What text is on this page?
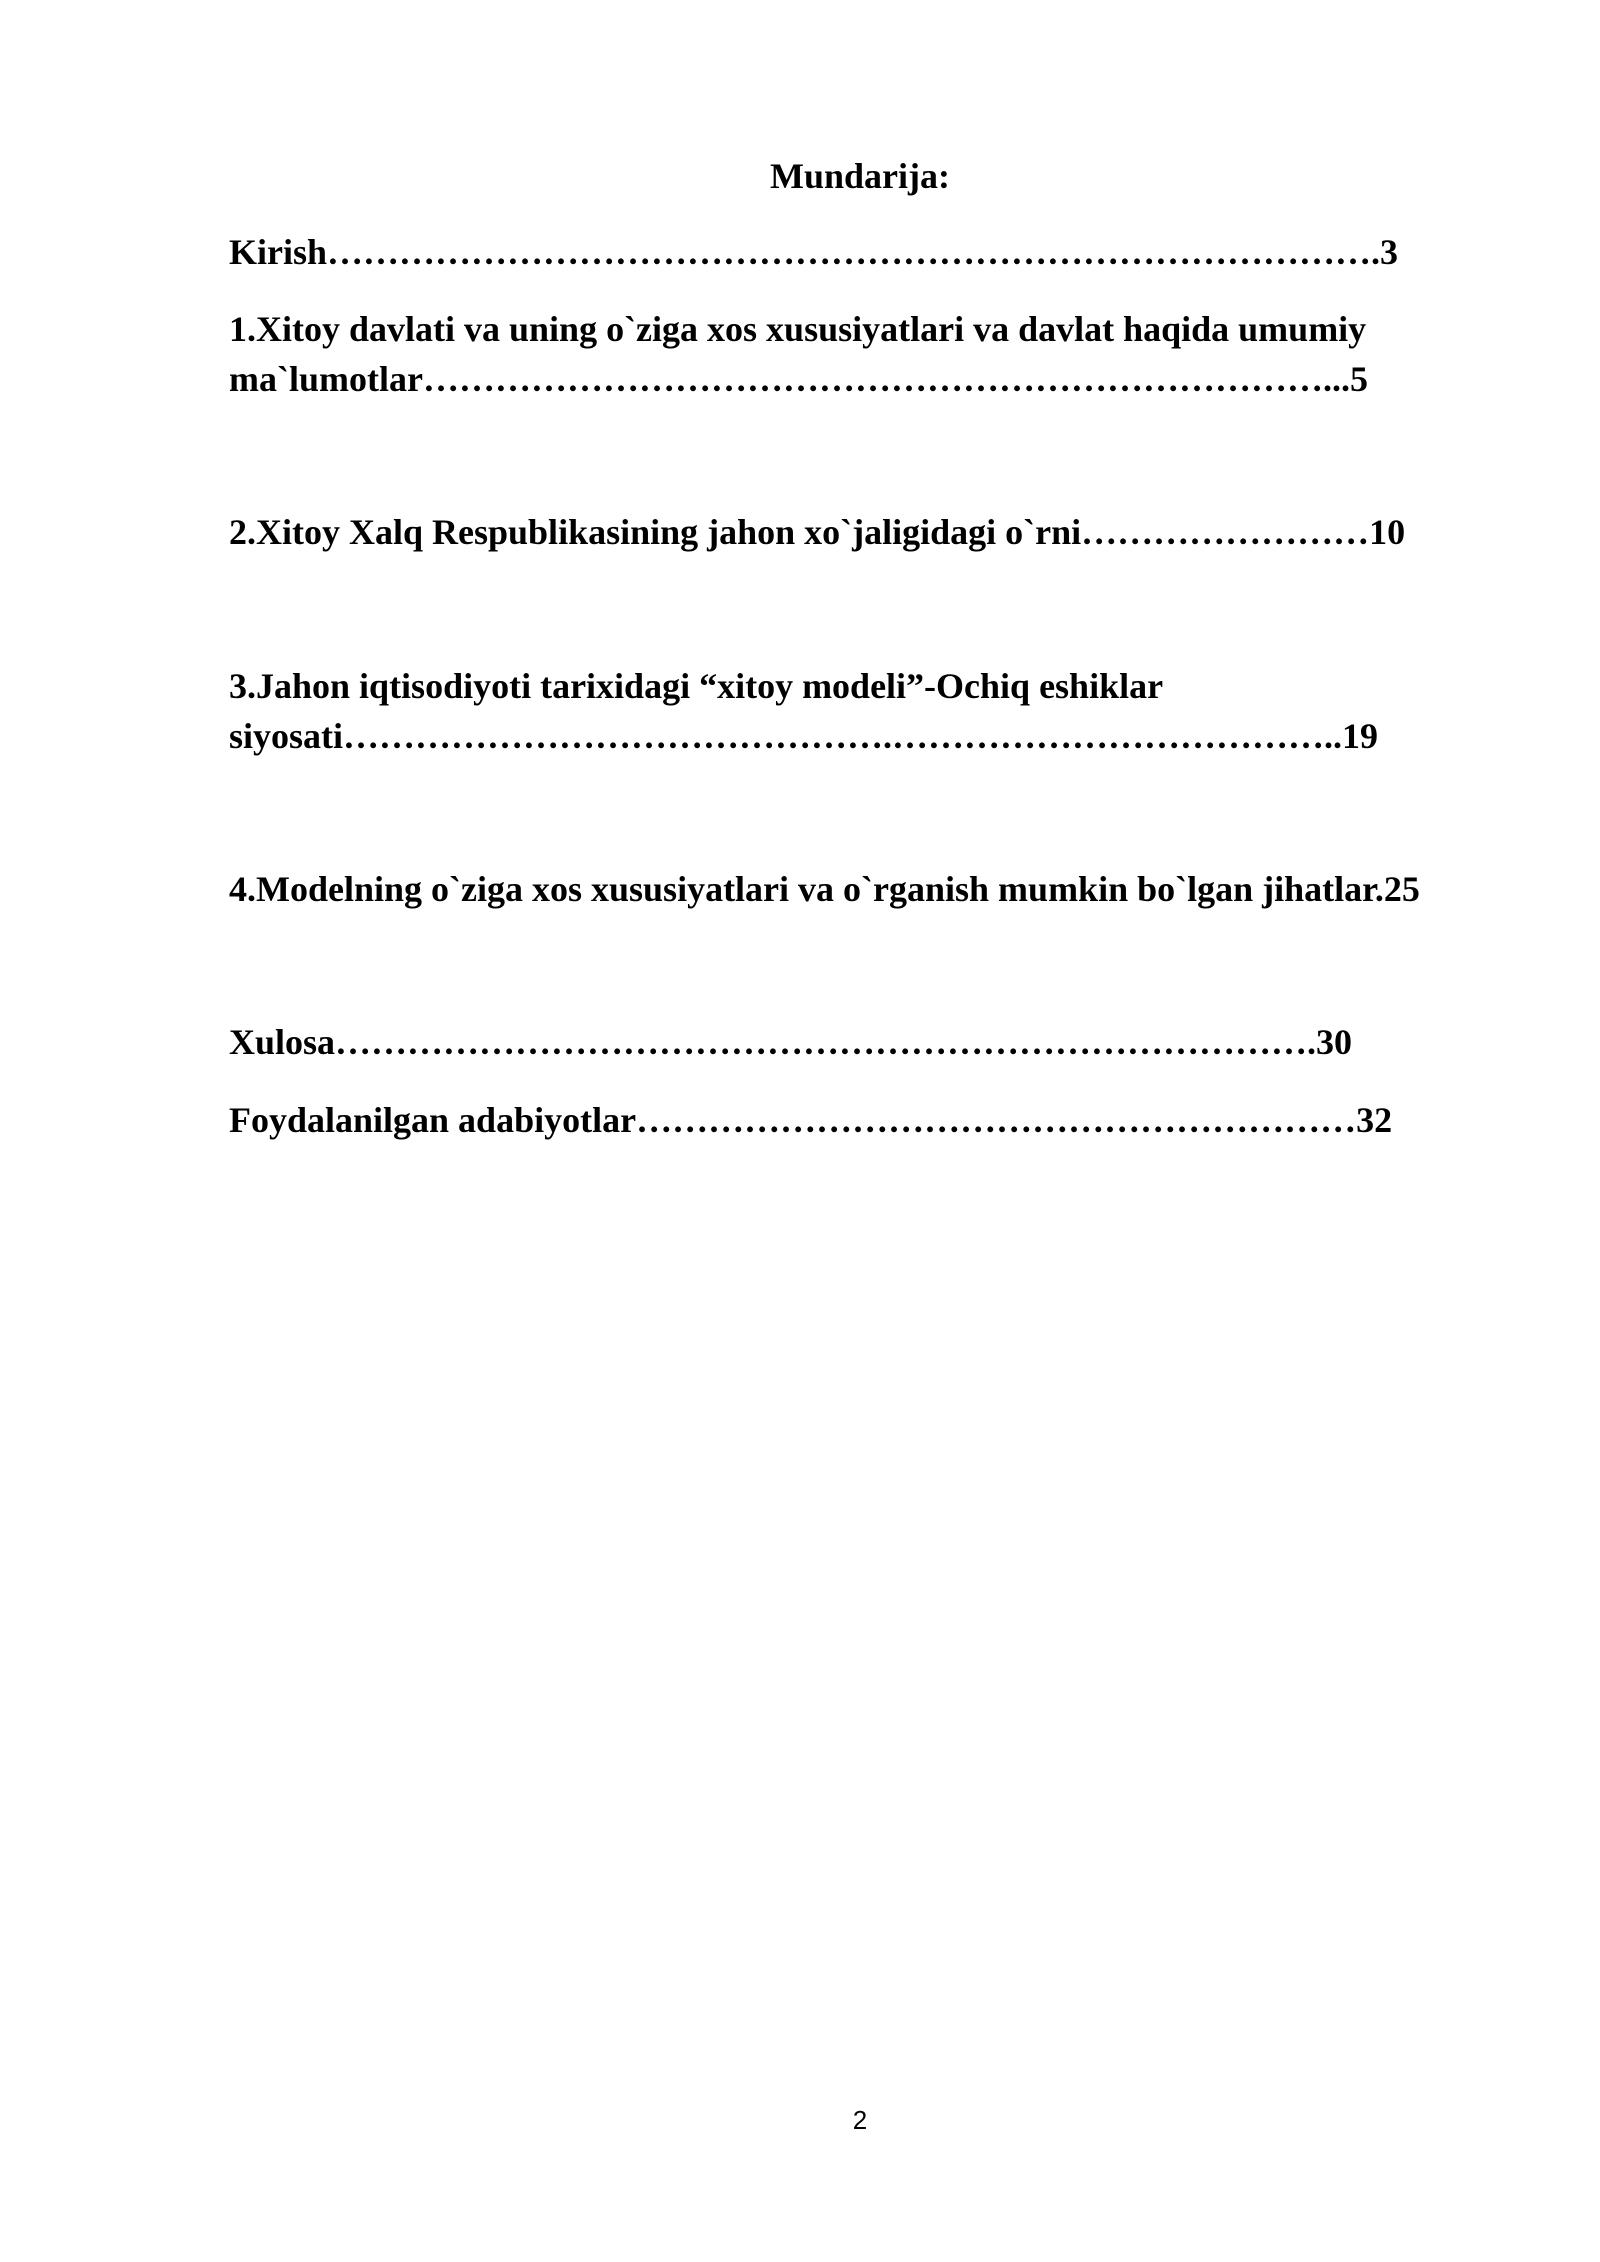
Mundarija:
Kirish…………………………………………………………………………….3
1.Xitoy davlati va uning o`ziga xos xususiyatlari va davlat haqida umumiy
ma`lumotlar…………………………………………………………………...5
2.Xitoy Xalq Respublikasining jahon xo`jaligidagi o`rni……………………10
3.Jahon iqtisodiyoti tarixidagi “xitoy modeli”-Ochiq eshiklar
siyosati……………………………………….………………………………..19
4.Modelning o`ziga xos xususiyatlari va o`rganish mumkin bo`lgan jihatlar.25
Xulosa……………………………………………………………………….30
Foydalanilgan adabiyotlar……………………………………………………32
2
